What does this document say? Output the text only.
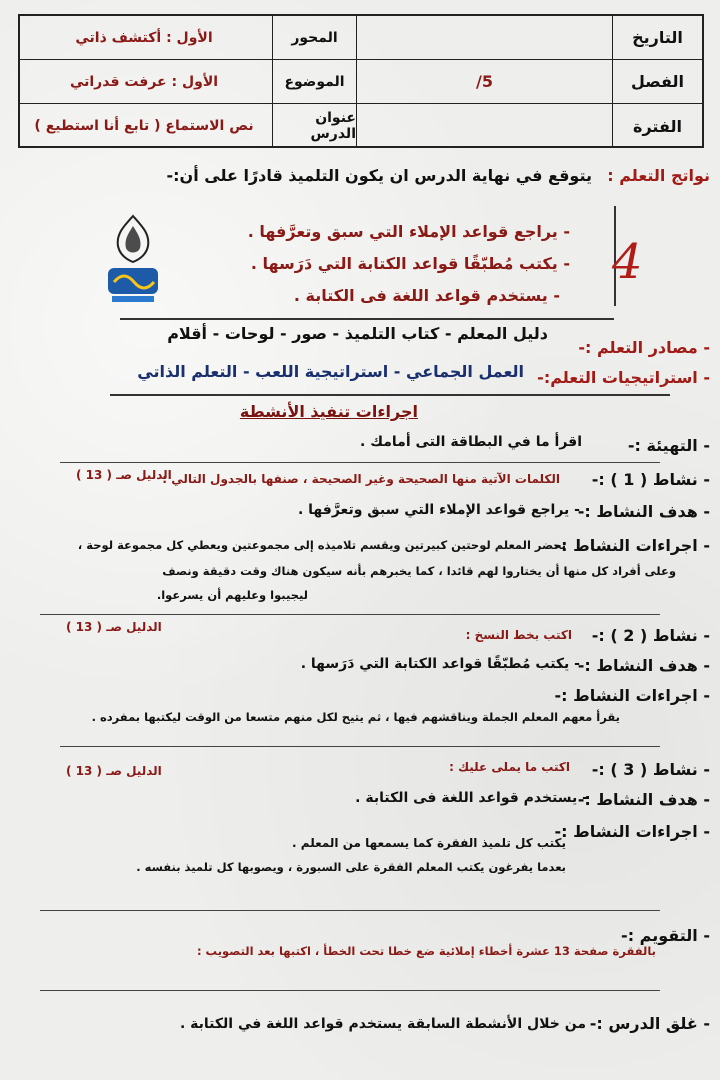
التاريخ
المحور
الأول : أكتشف ذاتي
الفصل
5/
الموضوع
الأول : عرفت قدراتي
الفترة
عنوان الدرس
نص الاستماع ( تابع أنا استطيع )
نواتج التعلم :
يتوقع في نهاية الدرس ان يكون التلميذ قادرًا على أن:-
4
- يراجع قواعد الإملاء التي سبق وتعرَّفها .
- يكتب مُطبّقًا قواعد الكتابة التي دَرَسها .
- يستخدم قواعد اللغة فى الكتابة .
- مصادر التعلم :-
دليل المعلم - كتاب التلميذ - صور - لوحات - أقلام
- استراتيجيات التعلم:-
العمل الجماعي - استراتيجية اللعب - التعلم الذاتي
اجراءات تنفيذ الأنشطة
- التهيئة :-
اقرأ ما في البطاقة التى أمامك .
- نشاط ( 1 ) :-
الكلمات الآتية منها الصحيحة وغير الصحيحة ، صنفها بالجدول التالي :
الدليل صـ ( 13 )
- هدف النشاط :-
- يراجع قواعد الإملاء التي سبق وتعرَّفها .
- اجراءات النشاط :-
يحضر المعلم لوحتين كبيرتين ويقسم تلاميذه إلى مجموعتين ويعطي كل مجموعة لوحة ،
وعلى أفراد كل منها أن يختاروا لهم قائدا ، كما يخبرهم بأنه سيكون هناك وقت دقيقة ونصف
ليجيبوا وعليهم أن يسرعوا.
- نشاط ( 2 ) :-
اكتب بخط النسخ :
الدليل صـ ( 13 )
- هدف النشاط :-
- يكتب مُطبّقًا قواعد الكتابة التي دَرَسها .
- اجراءات النشاط :-
يقرأ معهم المعلم الجملة ويناقشهم فيها ، ثم يتيح لكل منهم متسعا من الوقت ليكتبها بمفرده .
- نشاط ( 3 ) :-
اكتب ما يملى عليك :
الدليل صـ ( 13 )
- هدف النشاط :-
- يستخدم قواعد اللغة فى الكتابة .
- اجراءات النشاط :-
يكتب كل تلميذ الفقرة كما يسمعها من المعلم .
بعدما يفرغون يكتب المعلم الفقرة على السبورة ، ويصوبها كل تلميذ بنفسه .
- التقويم :-
بالفقرة صفحة 13 عشرة أخطاء إملائية ضع خطا تحت الخطأ ، اكتبها بعد التصويب :
- غلق الدرس :-
من خلال الأنشطة السابقة يستخدم قواعد اللغة في الكتابة .
